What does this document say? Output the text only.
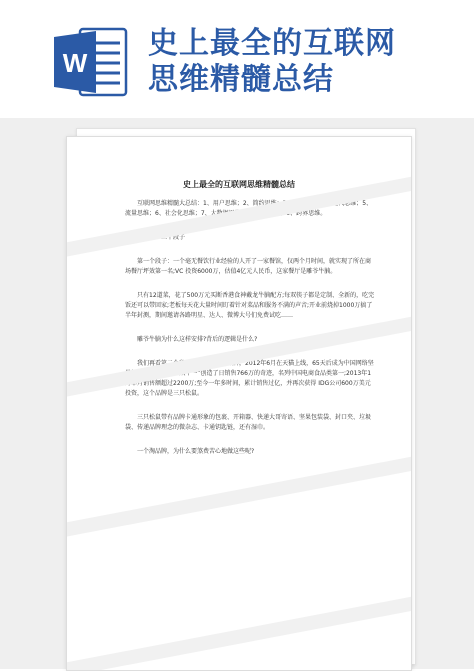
W
史上最全的互联网
思维精髓总结
史上最全的互联网思维精髓总结

互联网思维精髓大总结：1、用户思维；2、简约思维；3、极致思维；4、迭代思维；5、流量思维；6、社会化思维；7、大数据思维；8、平台思维；9、跨界思维。

课前秀：三个段子

第一个段子：一个毫无餐饮行业经验的人开了一家餐馆，仅两个月时间，就实现了所在商场餐厅坪效第一名;VC 投资6000万，估值4亿元人民币，这家餐厅是雕爷牛腩。

只有12道菜，花了500万元买断香港食神戴龙牛腩配方;每双筷子都是定制、全新的，吃完饭还可以带回家;老板每天花大量时间盯着针对菜品和服务不满的声音;开业前烧掉1000万搞了半年封测，期间邀请各路明星、达人、微博大号们免费试吃……

雕爷牛腩为什么这样安排?背后的逻辑是什么?

我们再看第二个段子：这是一个淘品牌，2012年6月在天猫上线，65天后成为中国网络坚果销售第一2012年“双十一”创造了日销售766万的奇迹，名列中国电商食品类第一;2013年1月单月销售额超过2200万;至今一年多时间，累计销售过亿，并再次获得 IDG公司600万美元投资，这个品牌是三只松鼠。

三只松鼠带有品牌卡通形象的包裹、开箱器、快递大哥寄语、坚果包装袋、封口夹、垃圾袋、传递品牌理念的微杂志、卡通钥匙链，还有湿巾。

一个淘品牌，为什么要煞费苦心地做这些呢?
